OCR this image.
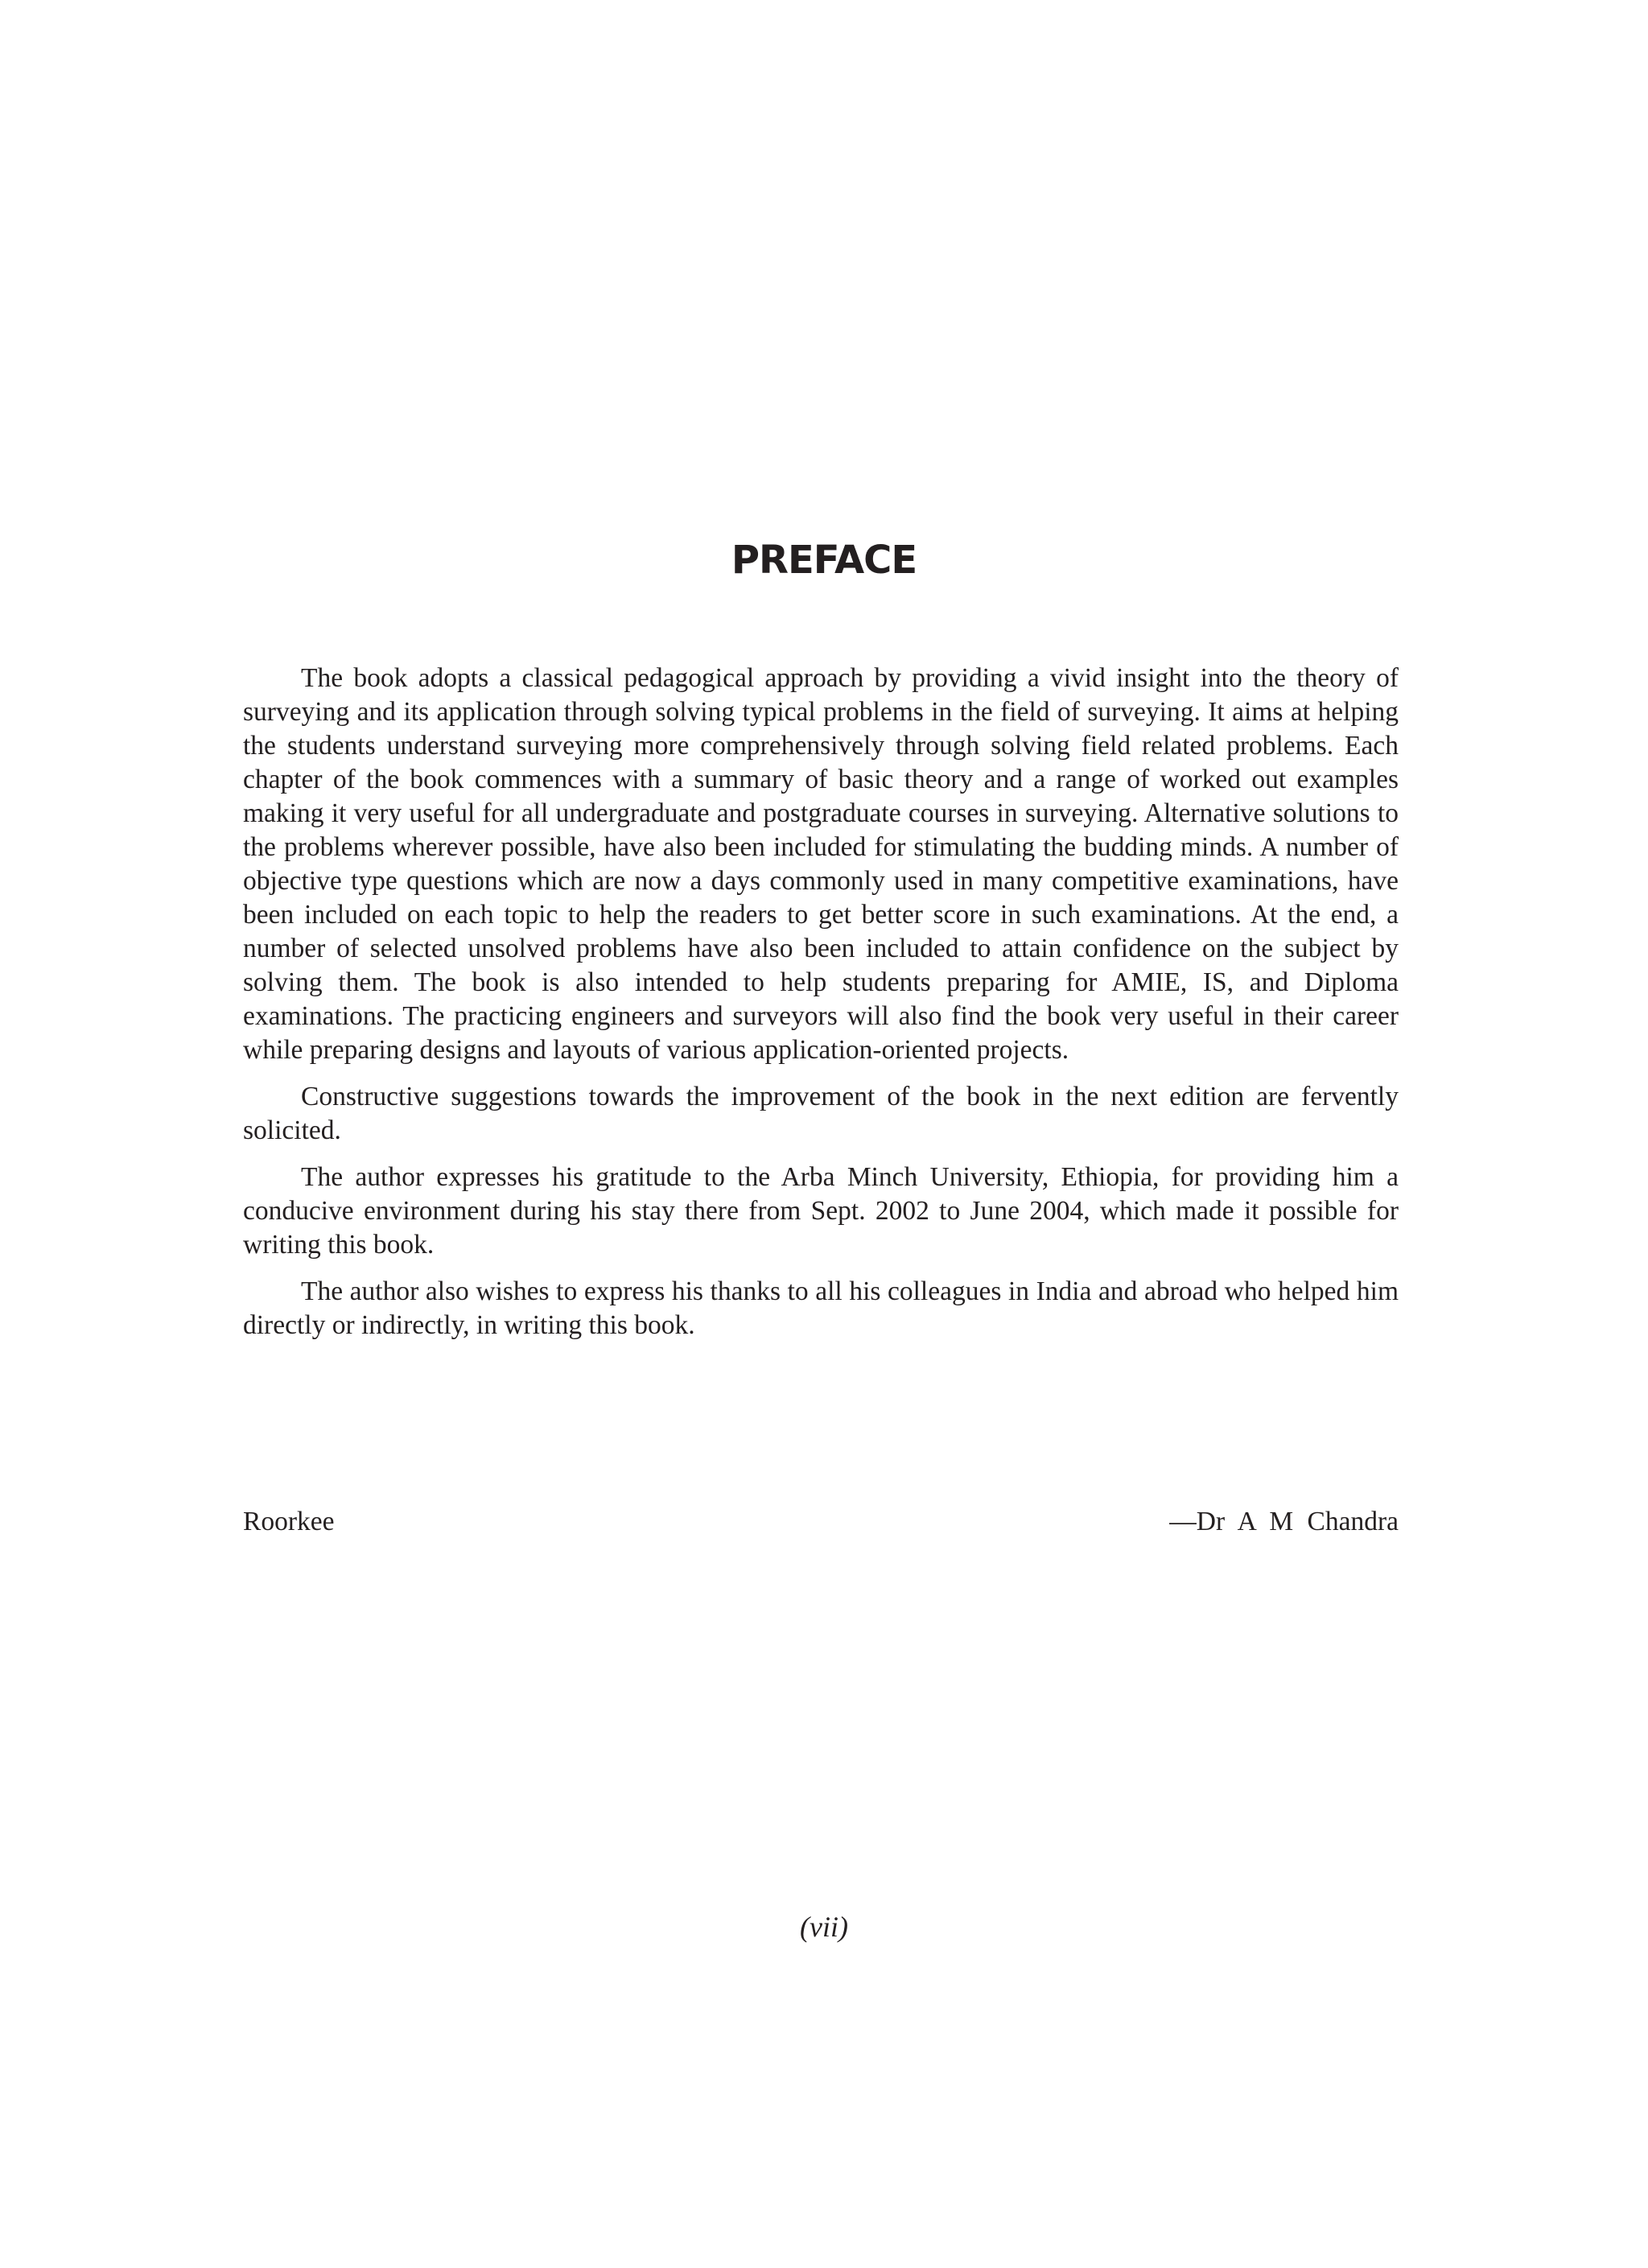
PREFACE

The book adopts a classical pedagogical approach by providing a vivid insight into the theory of surveying and its application through solving typical problems in the field of surveying. It aims at helping the students understand surveying more comprehensively through solving field related problems. Each chapter of the book commences with a summary of basic theory and a range of worked out examples making it very useful for all undergraduate and postgraduate courses in surveying. Alternative solutions to the problems wherever possible, have also been included for stimulating the budding minds. A number of objective type questions which are now a days commonly used in many competitive examinations, have been included on each topic to help the readers to get better score in such examinations. At the end, a number of selected unsolved problems have also been included to attain confidence on the subject by solving them. The book is also intended to help students preparing for AMIE, IS, and Diploma examinations. The practicing engineers and surveyors will also find the book very useful in their career while preparing designs and layouts of various application-oriented projects.

Constructive suggestions towards the improvement of the book in the next edition are fervently solicited.

The author expresses his gratitude to the Arba Minch University, Ethiopia, for providing him a conducive environment during his stay there from Sept. 2002 to June 2004, which made it possible for writing this book.

The author also wishes to express his thanks to all his colleagues in India and abroad who helped him directly or indirectly, in writing this book.

Roorkee	—Dr A M Chandra
(vii)
